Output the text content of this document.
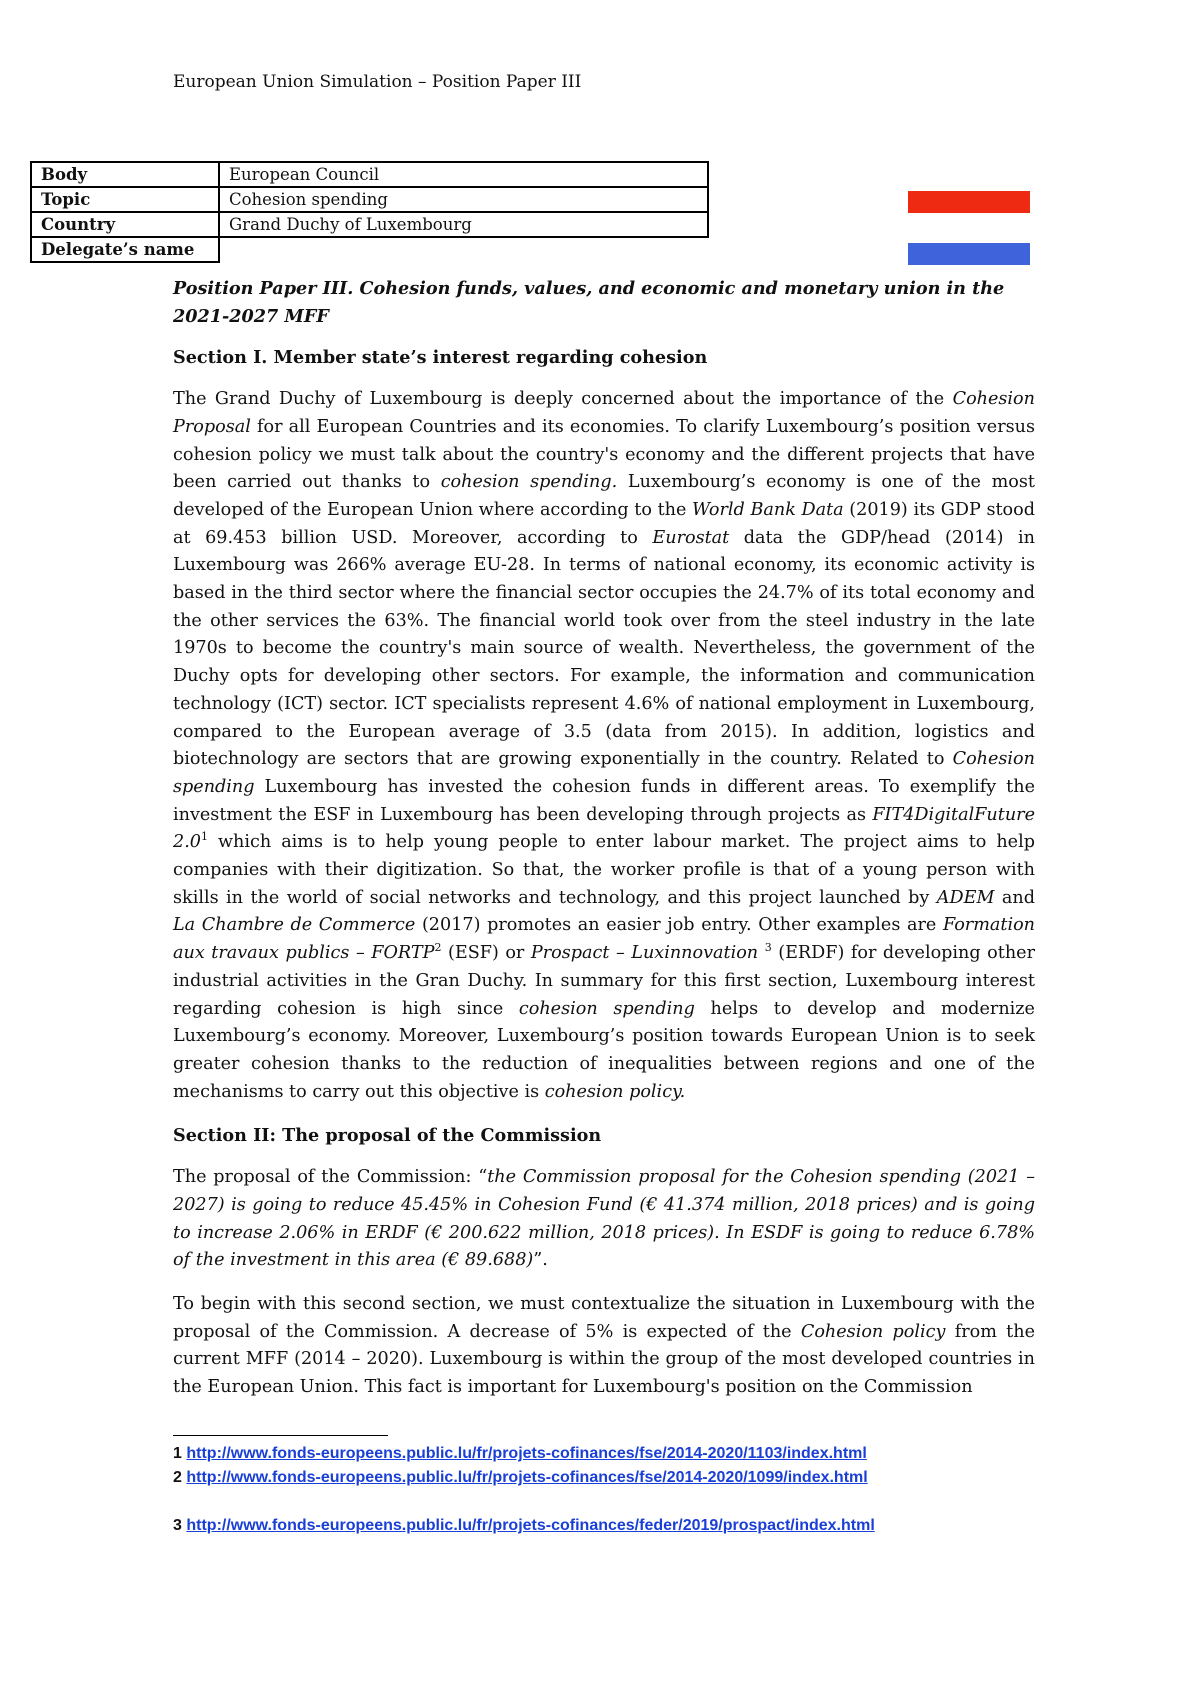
European Union Simulation – Position Paper III
Body	European Council
Topic	Cohesion spending
Country	Grand Duchy of Luxembourg
Delegate’s name	

Position Paper III. Cohesion funds, values, and economic and monetary union in the 2021-2027 MFF

Section I. Member state’s interest regarding cohesion

The Grand Duchy of Luxembourg is deeply concerned about the importance of the Cohesion Proposal for all European Countries and its economies. To clarify Luxembourg’s position versus cohesion policy we must talk about the country's economy and the different projects that have been carried out thanks to cohesion spending. Luxembourg’s economy is one of the most developed of the European Union where according to the World Bank Data (2019) its GDP stood at 69.453 billion USD. Moreover, according to Eurostat data the GDP/head (2014) in Luxembourg was 266% average EU-28. In terms of national economy, its economic activity is based in the third sector where the financial sector occupies the 24.7% of its total economy and the other services the 63%. The financial world took over from the steel industry in the late 1970s to become the country's main source of wealth. Nevertheless, the government of the Duchy opts for developing other sectors. For example, the information and communication technology (ICT) sector. ICT specialists represent 4.6% of national employment in Luxembourg, compared to the European average of 3.5 (data from 2015). In addition, logistics and biotechnology are sectors that are growing exponentially in the country. Related to Cohesion spending Luxembourg has invested the cohesion funds in different areas. To exemplify the investment the ESF in Luxembourg has been developing through projects as FIT4DigitalFuture $2.0^1$ which aims is to help young people to enter labour market. The project aims to help companies with their digitization. So that, the worker profile is that of a young person with skills in the world of social networks and technology, and this project launched by ADEM and La Chambre de Commerce (2017) promotes an easier job entry. Other examples are Formation aux travaux publics – FORTP$^2$ (ESF) or Prospact – Luxinnovation $^3$ (ERDF) for developing other industrial activities in the Gran Duchy. In summary for this first section, Luxembourg interest regarding cohesion is high since cohesion spending helps to develop and modernize Luxembourg’s economy. Moreover, Luxembourg’s position towards European Union is to seek greater cohesion thanks to the reduction of inequalities between regions and one of the mechanisms to carry out this objective is cohesion policy.

Section II: The proposal of the Commission

The proposal of the Commission: “the Commission proposal for the Cohesion spending (2021 – 2027) is going to reduce 45.45% in Cohesion Fund (€ 41.374 million, 2018 prices) and is going to increase 2.06% in ERDF (€ 200.622 million, 2018 prices). In ESDF is going to reduce 6.78% of the investment in this area (€ 89.688)”.

To begin with this second section, we must contextualize the situation in Luxembourg with the proposal of the Commission. A decrease of 5% is expected of the Cohesion policy from the current MFF (2014 – 2020). Luxembourg is within the group of the most developed countries in the European Union. This fact is important for Luxembourg's position on the Commission

1 http://www.fonds-europeens.public.lu/fr/projets-cofinances/fse/2014-2020/1103/index.html
2 http://www.fonds-europeens.public.lu/fr/projets-cofinances/fse/2014-2020/1099/index.html
3 http://www.fonds-europeens.public.lu/fr/projets-cofinances/feder/2019/prospact/index.html
